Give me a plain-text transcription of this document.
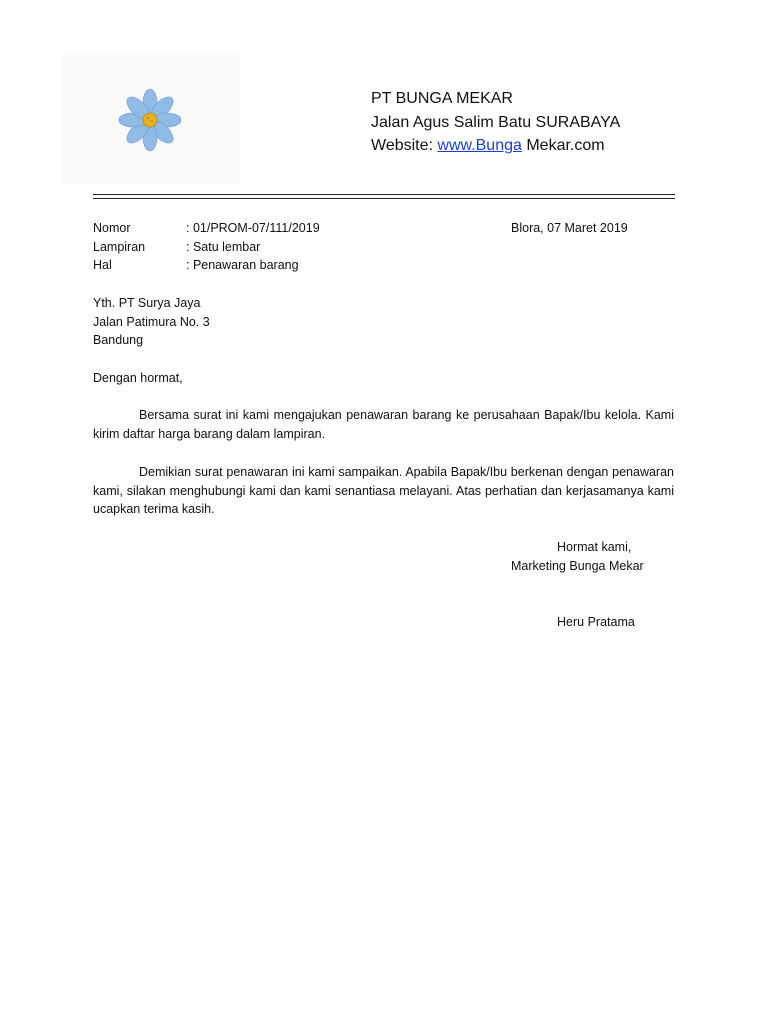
PT BUNGA MEKAR
Jalan Agus Salim Batu SURABAYA
Website: www.Bunga Mekar.com
Nomor	: 01/PROM-07/111/2019
Lampiran	: Satu lembar
Hal	: Penawaran barang
Blora, 07 Maret 2019
Yth. PT Surya Jaya
Jalan Patimura No. 3
Bandung
Dengan hormat,
Bersama surat ini kami mengajukan penawaran barang ke perusahaan Bapak/Ibu kelola. Kami kirim daftar harga barang dalam lampiran.
Demikian surat penawaran ini kami sampaikan. Apabila Bapak/Ibu berkenan dengan penawaran kami, silakan menghubungi kami dan kami senantiasa melayani. Atas perhatian dan kerjasamanya kami ucapkan terima kasih.
Hormat kami,
Marketing Bunga Mekar
Heru Pratama
